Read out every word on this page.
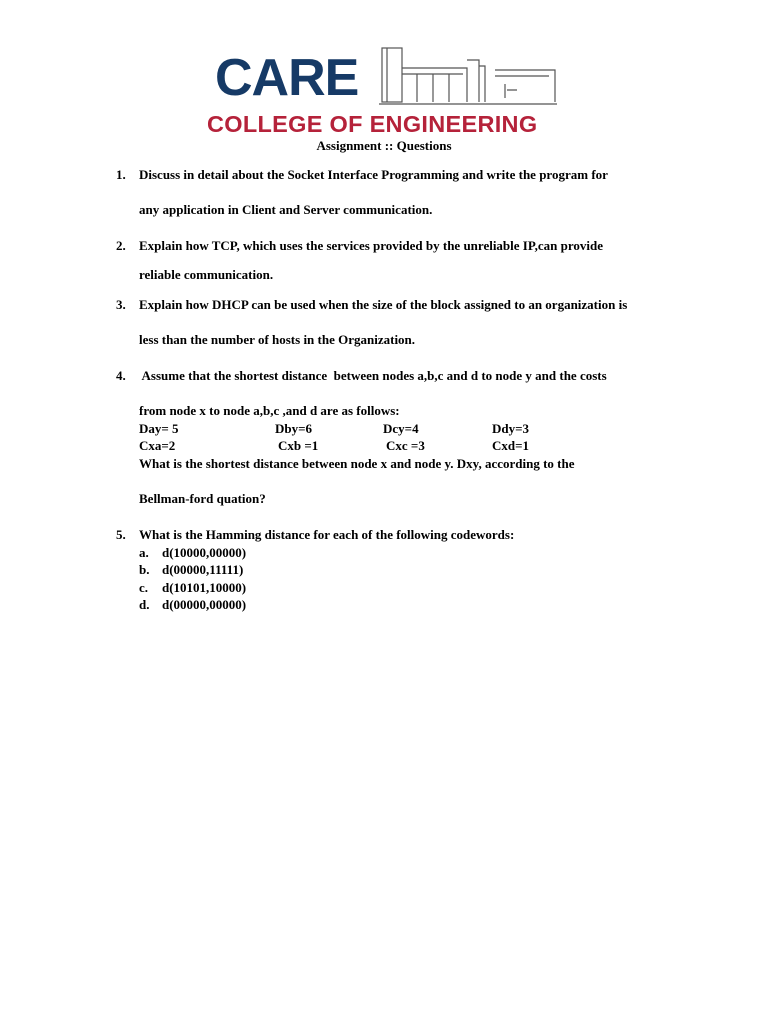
CARE
COLLEGE OF ENGINEERING
Assignment :: Questions
1. Discuss in detail about the Socket Interface Programming and write the program for
any application in Client and Server communication.
2. Explain how TCP, which uses the services provided by the unreliable IP,can provide
reliable communication.
3. Explain how DHCP can be used when the size of the block assigned to an organization is
less than the number of hosts in the Organization.
4. Assume that the shortest distance  between nodes a,b,c and d to node y and the costs
from node x to node a,b,c ,and d are as follows:
Day= 5	Dby=6	Dcy=4	Ddy=3
Cxa=2	Cxb =1	Cxc =3	Cxd=1
What is the shortest distance between node x and node y. Dxy, according to the
Bellman-ford quation?
5. What is the Hamming distance for each of the following codewords:
a. d(10000,00000)
b. d(00000,11111)
c. d(10101,10000)
d. d(00000,00000)
